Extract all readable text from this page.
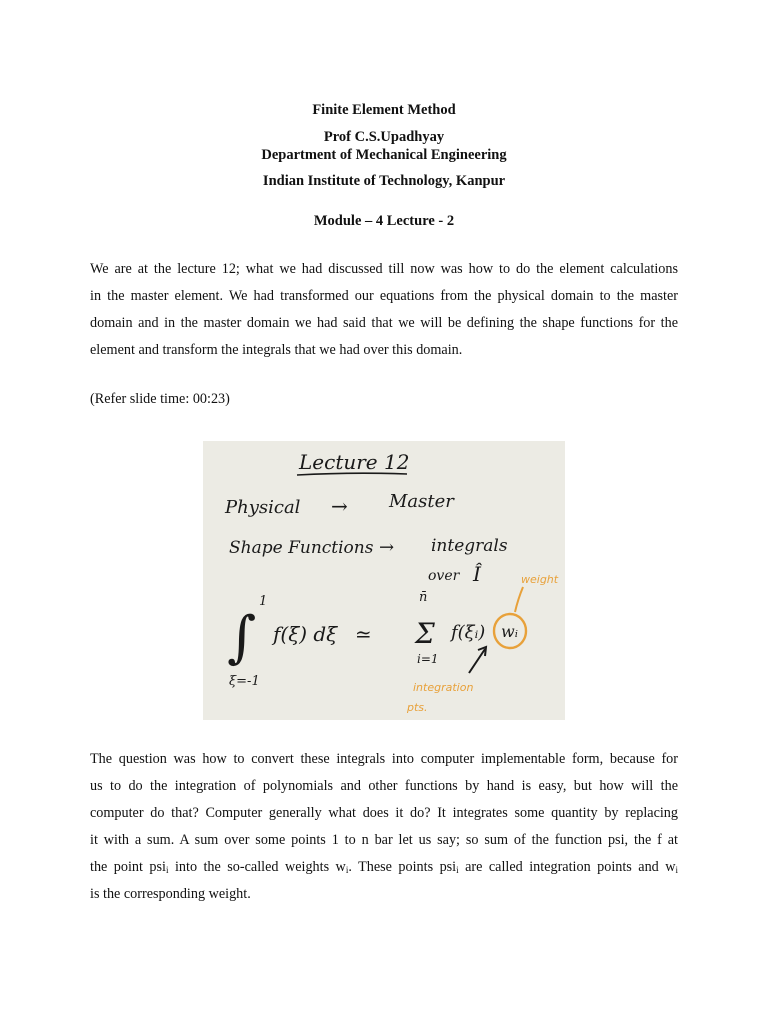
Finite Element Method
Prof C.S.Upadhyay
Department of Mechanical Engineering
Indian Institute of Technology, Kanpur
Module – 4 Lecture - 2
We are at the lecture 12; what we had discussed till now was how to do the element calculations
in the master element. We had transformed our equations from the physical domain to the master
domain and in the master domain we had said that we will be defining the shape functions for the
element and transform the integrals that we had over this domain.
(Refer slide time: 00:23)
Lecture 12
Physical → Master
Shape Functions → integrals
over Î
∫
1
ξ=-1
f(ξ) dξ ≃ Σ
n̄
i=1
f(ξᵢ) wᵢ
weight
integration
pts.
The question was how to convert these integrals into computer implementable form, because for
us to do the integration of polynomials and other functions by hand is easy, but how will the
computer do that? Computer generally what does it do? It integrates some quantity by replacing
it with a sum. A sum over some points 1 to n bar let us say; so sum of the function psi, the f at
the point psi$_i$ into the so-called weights $w_i$. These points psi$_i$ are called integration points and $w_i$
is the corresponding weight.
